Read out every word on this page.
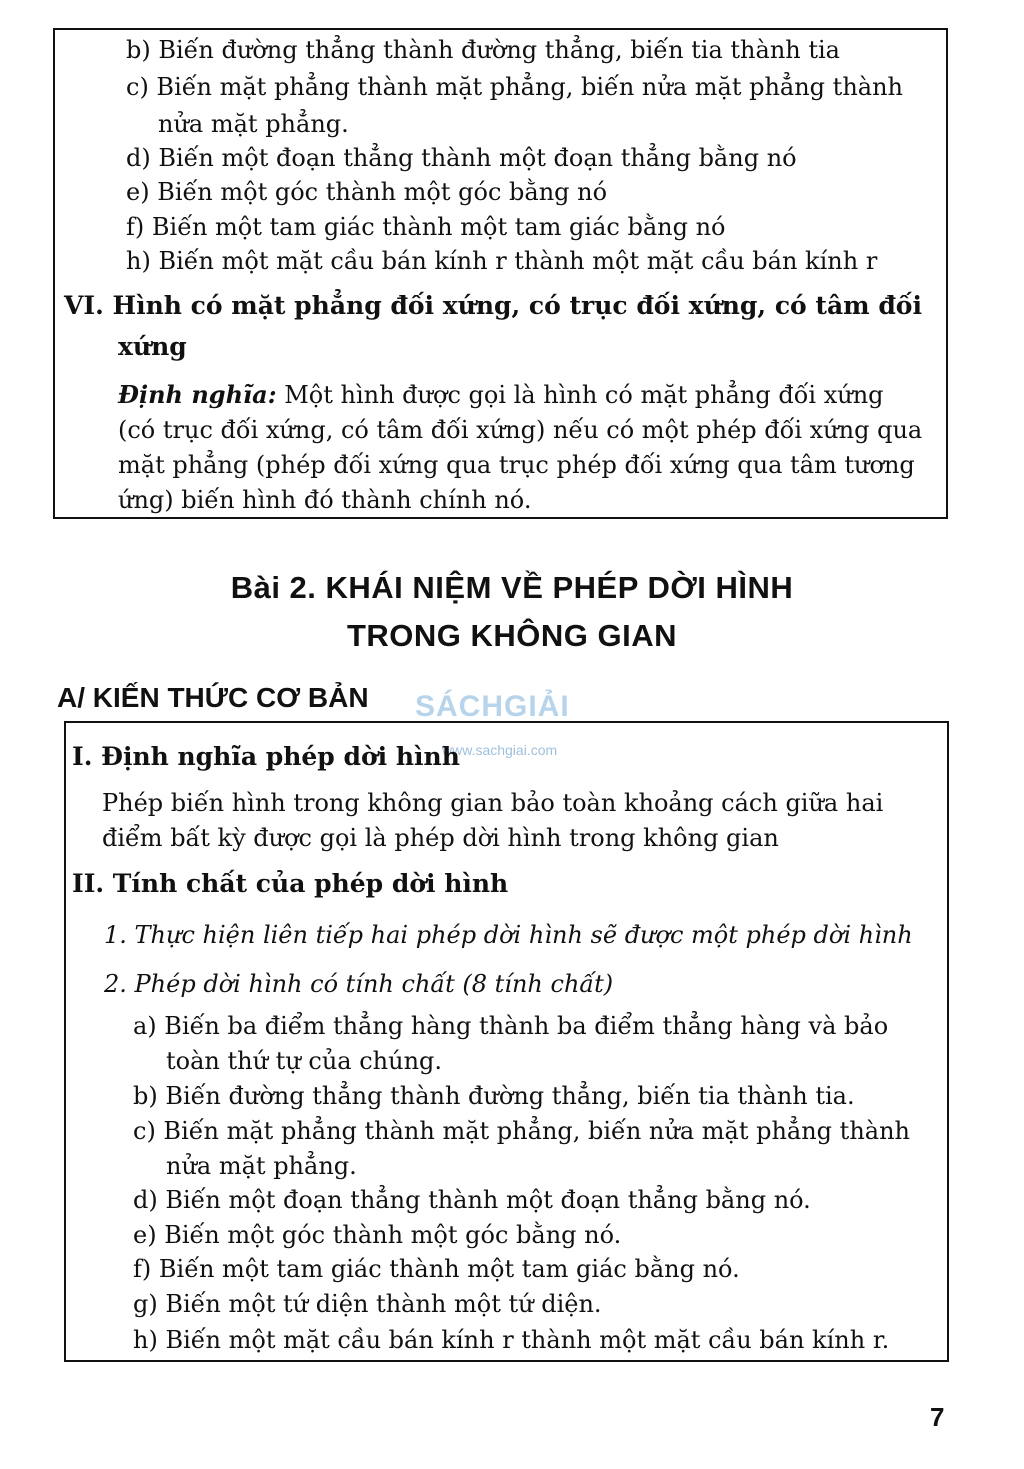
b) Biến đường thẳng thành đường thẳng, biến tia thành tia
c) Biến mặt phẳng thành mặt phẳng, biến nửa mặt phẳng thành
nửa mặt phẳng.
d) Biến một đoạn thẳng thành một đoạn thẳng bằng nó
e) Biến một góc thành một góc bằng nó
f) Biến một tam giác thành một tam giác bằng nó
h) Biến một mặt cầu bán kính r thành một mặt cầu bán kính r
VI. Hình có mặt phẳng đối xứng, có trục đối xứng, có tâm đối
xứng
Định nghĩa: Một hình được gọi là hình có mặt phẳng đối xứng
(có trục đối xứng, có tâm đối xứng) nếu có một phép đối xứng qua
mặt phẳng (phép đối xứng qua trục phép đối xứng qua tâm tương
ứng) biến hình đó thành chính nó.
Bài 2. KHÁI NIỆM VỀ PHÉP DỜI HÌNH
TRONG KHÔNG GIAN
A/ KIẾN THỨC CƠ BẢN SÁCHGIẢI
www.sachgiai.com
I. Định nghĩa phép dời hình
Phép biến hình trong không gian bảo toàn khoảng cách giữa hai
điểm bất kỳ được gọi là phép dời hình trong không gian
II. Tính chất của phép dời hình
1. Thực hiện liên tiếp hai phép dời hình sẽ được một phép dời hình
2. Phép dời hình có tính chất (8 tính chất)
a) Biến ba điểm thẳng hàng thành ba điểm thẳng hàng và bảo
toàn thứ tự của chúng.
b) Biến đường thẳng thành đường thẳng, biến tia thành tia.
c) Biến mặt phẳng thành mặt phẳng, biến nửa mặt phẳng thành
nửa mặt phẳng.
d) Biến một đoạn thẳng thành một đoạn thẳng bằng nó.
e) Biến một góc thành một góc bằng nó.
f) Biến một tam giác thành một tam giác bằng nó.
g) Biến một tứ diện thành một tứ diện.
h) Biến một mặt cầu bán kính r thành một mặt cầu bán kính r.
7
